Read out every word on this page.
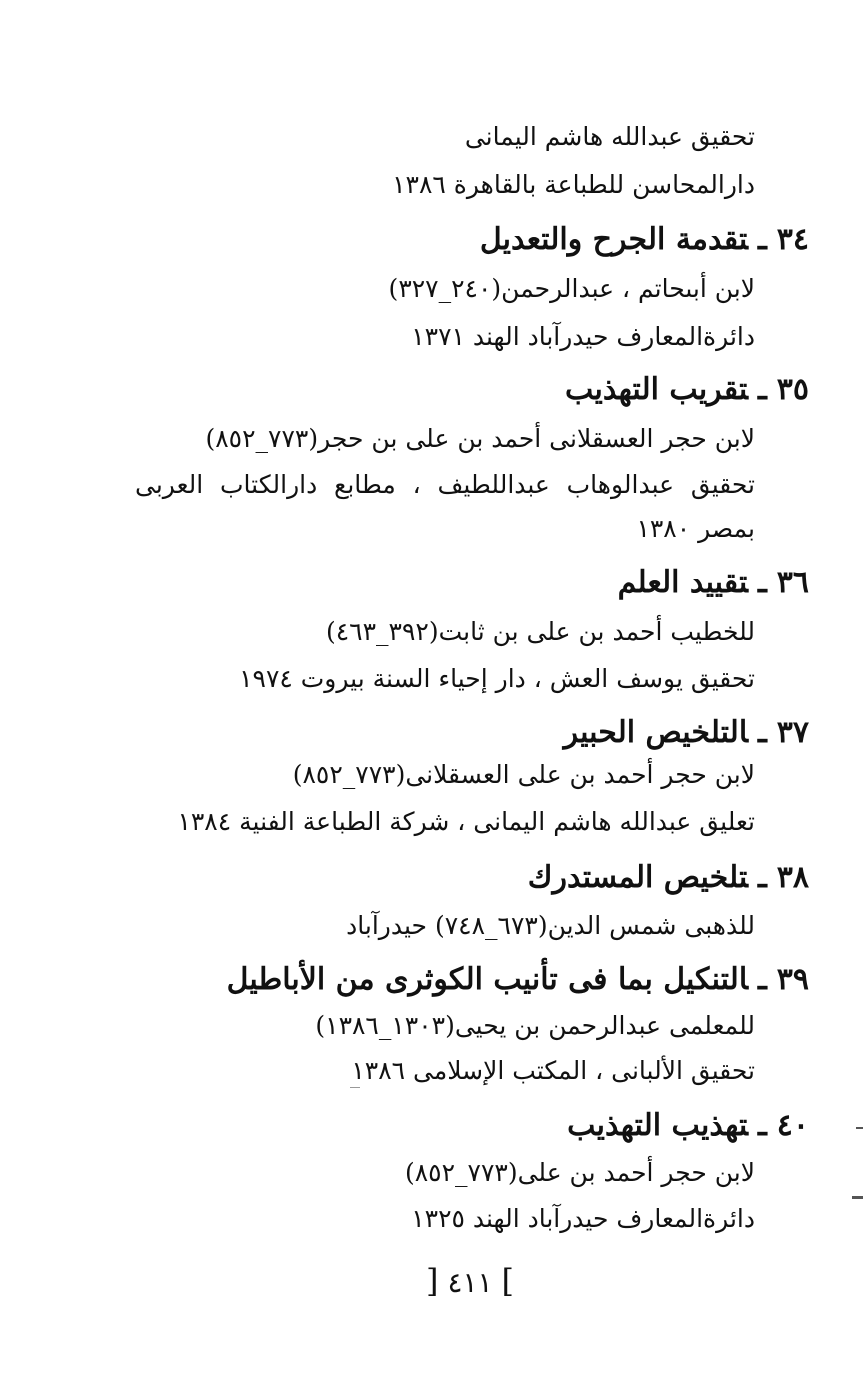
تحقيق عبدالله هاشم اليمانى
دارالمحاسن للطباعة بالقاهرة ١٣٨٦
٣٤ـتقدمة الجرح والتعديل
لابن أبىحاتم ، عبدالرحمن(٢٤٠_٣٢٧)
دائرةالمعارف حيدرآباد الهند ١٣٧١
٣٥ـتقريب التهذيب
لابن حجر العسقلانى أحمد بن على بن حجر(٧٧٣_٨٥٢)
تحقيق عبدالوهاب عبداللطيف ، مطابع دارالكتاب العربى
بمصر ١٣٨٠
٣٦ـتقييد العلم
للخطيب أحمد بن على بن ثابت(٣٩٢_٤٦٣)
تحقيق يوسف العش ، دار إحياء السنة بيروت ١٩٧٤
٣٧ـالتلخيص الحبير
لابن حجر أحمد بن على العسقلانى(٧٧٣_٨٥٢)
تعليق عبدالله هاشم اليمانى ، شركة الطباعة الفنية ١٣٨٤
٣٨ـتلخيص المستدرك
للذهبى شمس الدين(٦٧٣_٧٤٨) حيدرآباد
٣٩ـالتنكيل بما فى تأنيب الكوثرى من الأباطيل
للمعلمى عبدالرحمن بن يحيى(١٣٠٣_١٣٨٦)
تحقيق الألبانى ، المكتب الإسلامى ١٣٨٦
٤٠ـتهذيب التهذيب
لابن حجر أحمد بن على(٧٧٣_٨٥٢)
دائرةالمعارف حيدرآباد الهند ١٣٢٥
] ٤١١ [
